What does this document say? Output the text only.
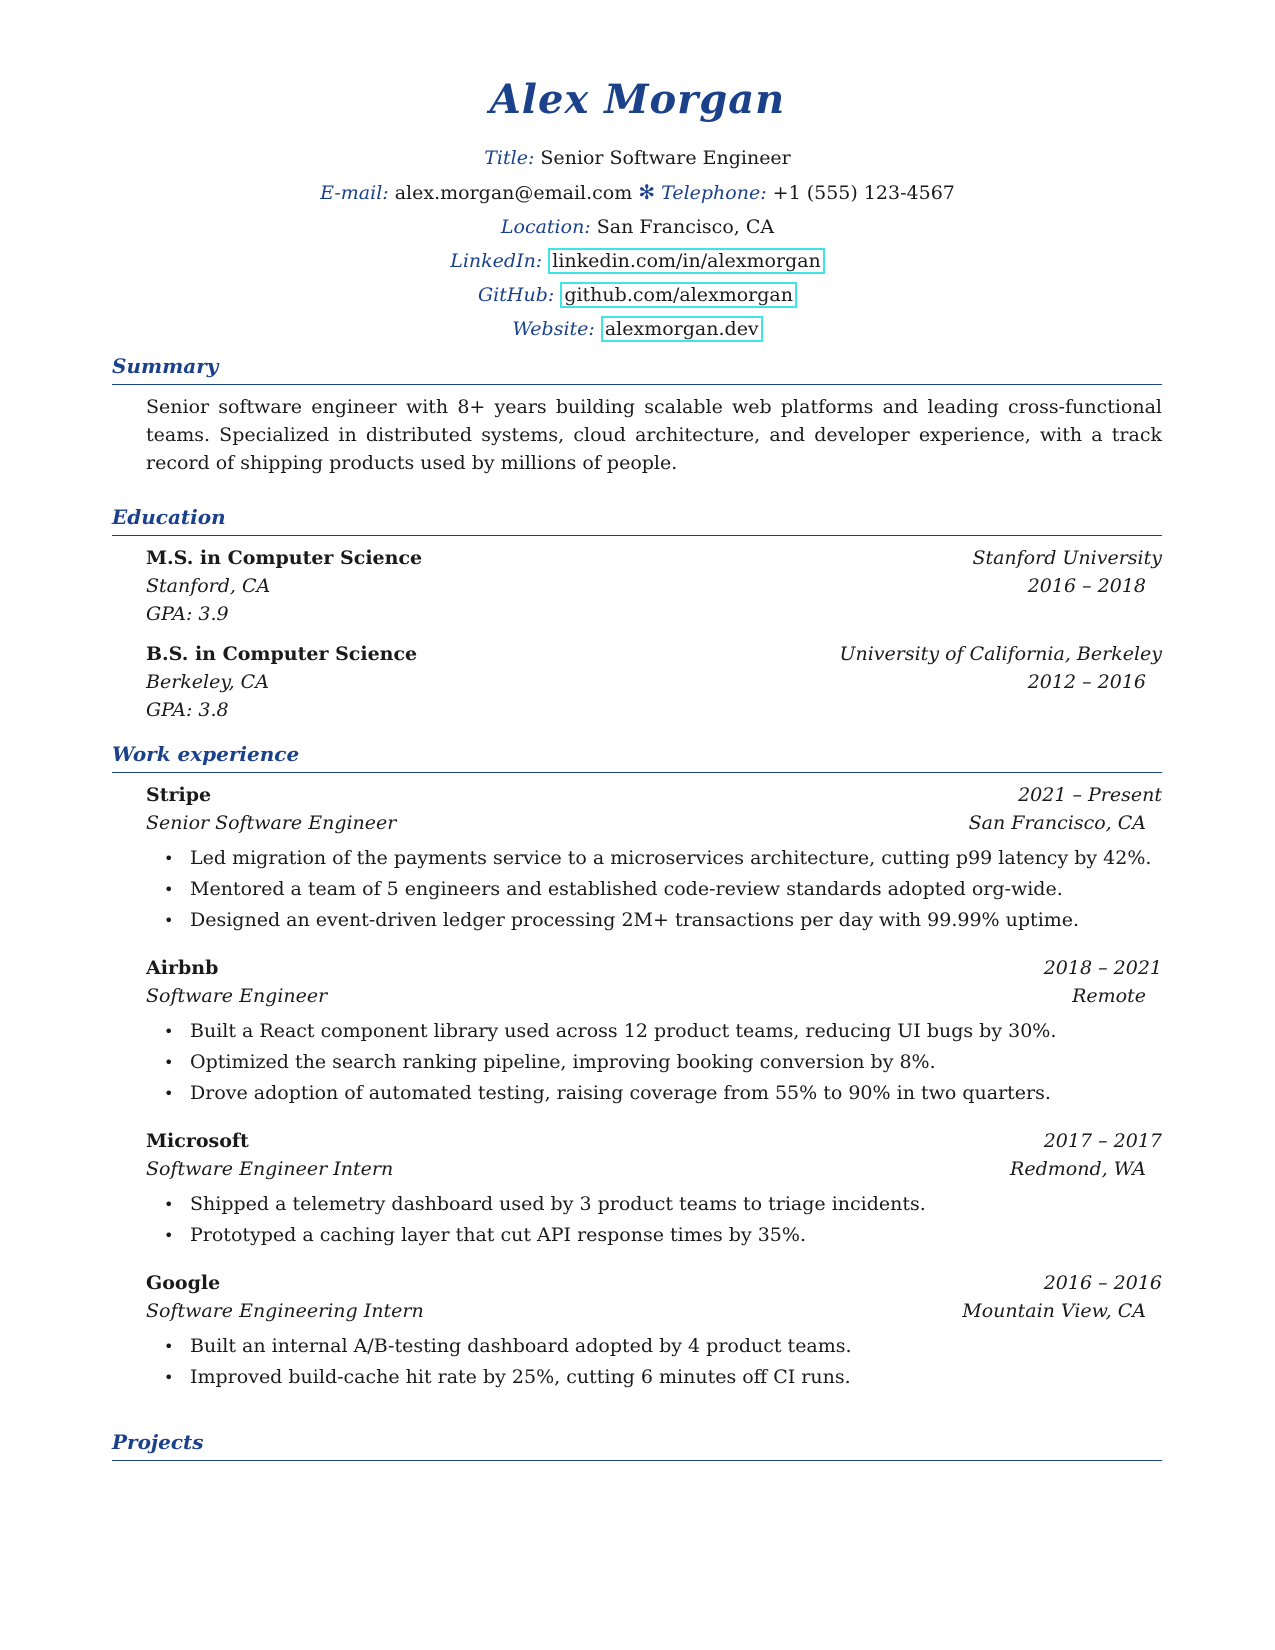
Alex Morgan
Title: Senior Software Engineer
E-mail: alex.morgan@email.com ✻ Telephone: +1 (555) 123-4567
Location: San Francisco, CA
LinkedIn: linkedin.com/in/alexmorgan
GitHub: github.com/alexmorgan
Website: alexmorgan.dev
Summary
Senior software engineer with 8+ years building scalable web platforms and leading cross-functional teams. Specialized in distributed systems, cloud architecture, and developer experience, with a track record of shipping products used by millions of people.
Education
M.S. in Computer Science	Stanford University
Stanford, CA	2016 – 2018
GPA: 3.9
B.S. in Computer Science	University of California, Berkeley
Berkeley, CA	2012 – 2016
GPA: 3.8
Work experience
Stripe	2021 – Present
Senior Software Engineer	San Francisco, CA
• Led migration of the payments service to a microservices architecture, cutting p99 latency by 42%.
• Mentored a team of 5 engineers and established code-review standards adopted org-wide.
• Designed an event-driven ledger processing 2M+ transactions per day with 99.99% uptime.
Airbnb	2018 – 2021
Software Engineer	Remote
• Built a React component library used across 12 product teams, reducing UI bugs by 30%.
• Optimized the search ranking pipeline, improving booking conversion by 8%.
• Drove adoption of automated testing, raising coverage from 55% to 90% in two quarters.
Microsoft	2017 – 2017
Software Engineer Intern	Redmond, WA
• Shipped a telemetry dashboard used by 3 product teams to triage incidents.
• Prototyped a caching layer that cut API response times by 35%.
Google	2016 – 2016
Software Engineering Intern	Mountain View, CA
• Built an internal A/B-testing dashboard adopted by 4 product teams.
• Improved build-cache hit rate by 25%, cutting 6 minutes off CI runs.
Projects
